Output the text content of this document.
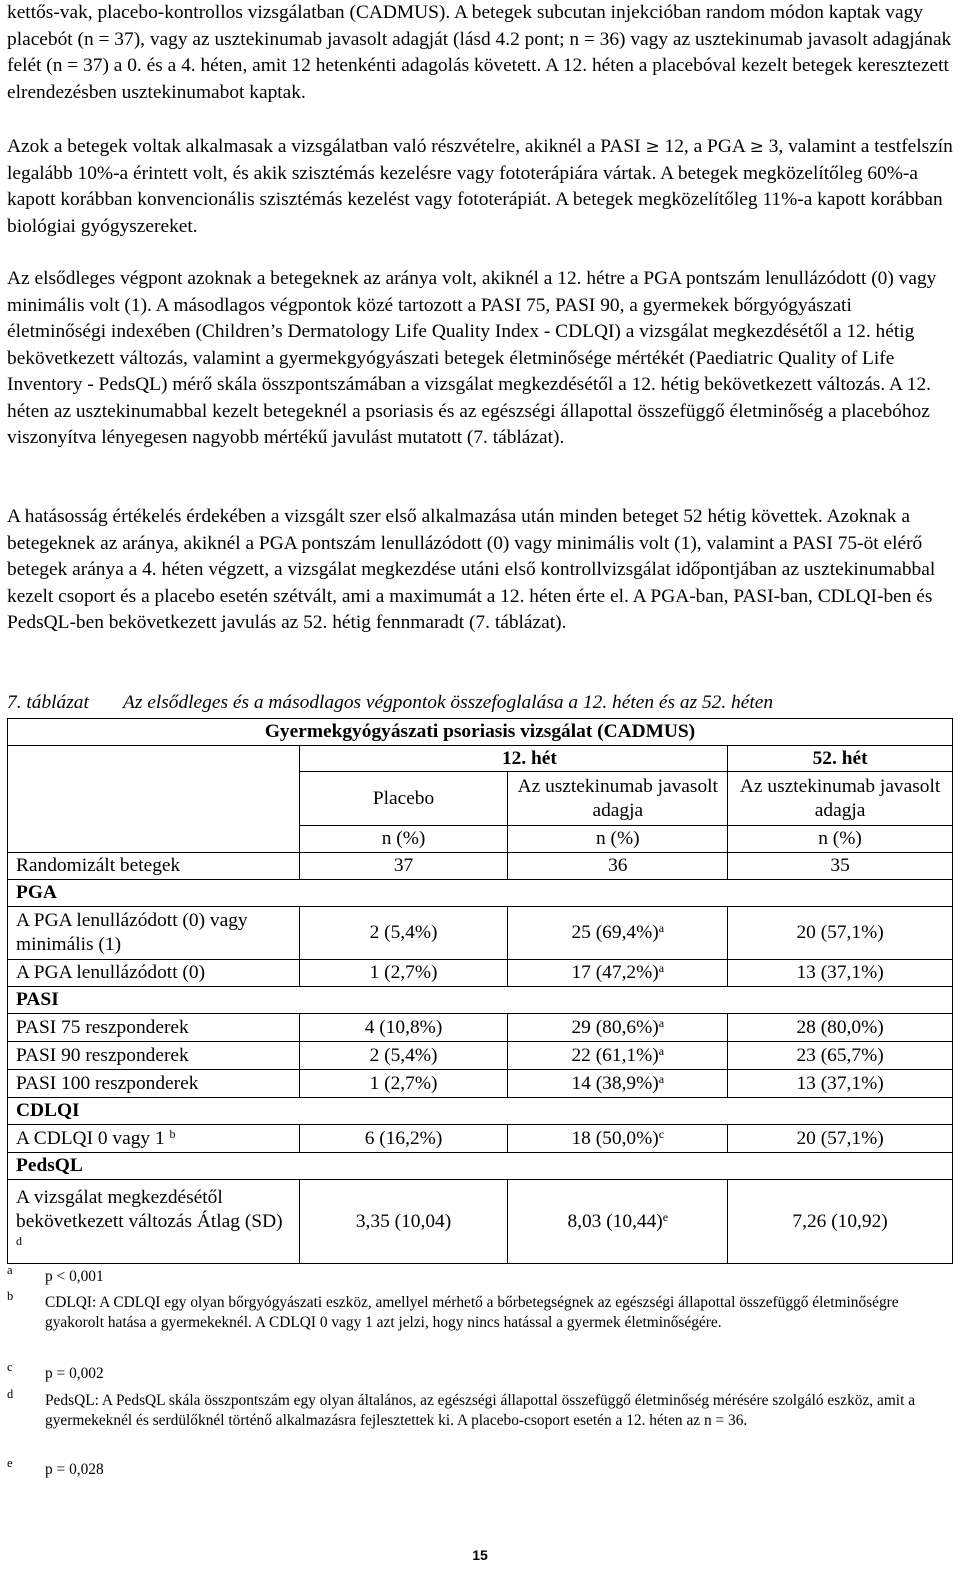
kettős-vak, placebo-kontrollos vizsgálatban (CADMUS). A betegek subcutan injekcióban random módon kaptak vagy placebót (n = 37), vagy az usztekinumab javasolt adagját (lásd 4.2 pont; n = 36) vagy az usztekinumab javasolt adagjának felét (n = 37) a 0. és a 4. héten, amit 12 hetenkénti adagolás követett. A 12. héten a placebóval kezelt betegek keresztezett elrendezésben usztekinumabot kaptak.

Azok a betegek voltak alkalmasak a vizsgálatban való részvételre, akiknél a PASI ≥ 12, a PGA ≥ 3, valamint a testfelszín legalább 10%-a érintett volt, és akik szisztémás kezelésre vagy fototerápiára vártak. A betegek megközelítőleg 60%-a kapott korábban konvencionális szisztémás kezelést vagy fototerápiát. A betegek megközelítőleg 11%-a kapott korábban biológiai gyógyszereket.

Az elsődleges végpont azoknak a betegeknek az aránya volt, akiknél a 12. hétre a PGA pontszám lenullázódott (0) vagy minimális volt (1). A másodlagos végpontok közé tartozott a PASI 75, PASI 90, a gyermekek bőrgyógyászati életminőségi indexében (Children’s Dermatology Life Quality Index - CDLQI) a vizsgálat megkezdésétől a 12. hétig bekövetkezett változás, valamint a gyermekgyógyászati betegek életminősége mértékét (Paediatric Quality of Life Inventory - PedsQL) mérő skála összpontszámában a vizsgálat megkezdésétől a 12. hétig bekövetkezett változás. A 12. héten az usztekinumabbal kezelt betegeknél a psoriasis és az egészségi állapottal összefüggő életminőség a placebóhoz viszonyítva lényegesen nagyobb mértékű javulást mutatott (7. táblázat).

A hatásosság értékelés érdekében a vizsgált szer első alkalmazása után minden beteget 52 hétig követtek. Azoknak a betegeknek az aránya, akiknél a PGA pontszám lenullázódott (0) vagy minimális volt (1), valamint a PASI 75-öt elérő betegek aránya a 4. héten végzett, a vizsgálat megkezdése utáni első kontrollvizsgálat időpontjában az usztekinumabbal kezelt csoport és a placebo esetén szétvált, ami a maximumát a 12. héten érte el. A PGA-ban, PASI-ban, CDLQI-ben és PedsQL-ben bekövetkezett javulás az 52. hétig fennmaradt (7. táblázat).

7. táblázat Az elsődleges és a másodlagos végpontok összefoglalása a 12. héten és az 52. héten
Gyermekgyógyászati psoriasis vizsgálat (CADMUS)			
	12. hét		52. hét
	Placebo	Az usztekinumab javasolt adagja	Az usztekinumab javasolt adagja
	n (%)	n (%)	n (%)
Randomizált betegek	37	36	35
PGA			
A PGA lenullázódott (0) vagy minimális (1)	2 (5,4%)	25 $(69,4\%)^a$	20 (57,1%)
A PGA lenullázódott (0)	1 (2,7%)	17 $(47,2\%)^a$	13 (37,1%)
PASI			
PASI 75 reszponderek	4 (10,8%)	29 $(80,6\%)^a$	28 (80,0%)
PASI 90 reszponderek	2 (5,4%)	22 $(61,1\%)^a$	23 (65,7%)
PASI 100 reszponderek	1 (2,7%)	14 $(38,9\%)^a$	13 (37,1%)
CDLQI			
A CDLQI 0 vagy 1 $^b$	6 (16,2%)	18 $(50,0\%)^c$	20 (57,1%)
PedsQL			
A vizsgálat megkezdésétől bekövetkezett változás Átlag (SD) $^d$	3,35 (10,04)	8,03 $(10,44)^e$	7,26 (10,92)
a p < 0,001
b CDLQI: A CDLQI egy olyan bőrgyógyászati eszköz, amellyel mérhető a bőrbetegségnek az egészségi állapottal összefüggő életminőségre gyakorolt hatása a gyermekeknél. A CDLQI 0 vagy 1 azt jelzi, hogy nincs hatással a gyermek életminőségére.
c p = 0,002
d PedsQL: A PedsQL skála összpontszám egy olyan általános, az egészségi állapottal összefüggő életminőség mérésére szolgáló eszköz, amit a gyermekeknél és serdülőknél történő alkalmazásra fejlesztettek ki. A placebo-csoport esetén a 12. héten az n = 36.
e p = 0,028
15
